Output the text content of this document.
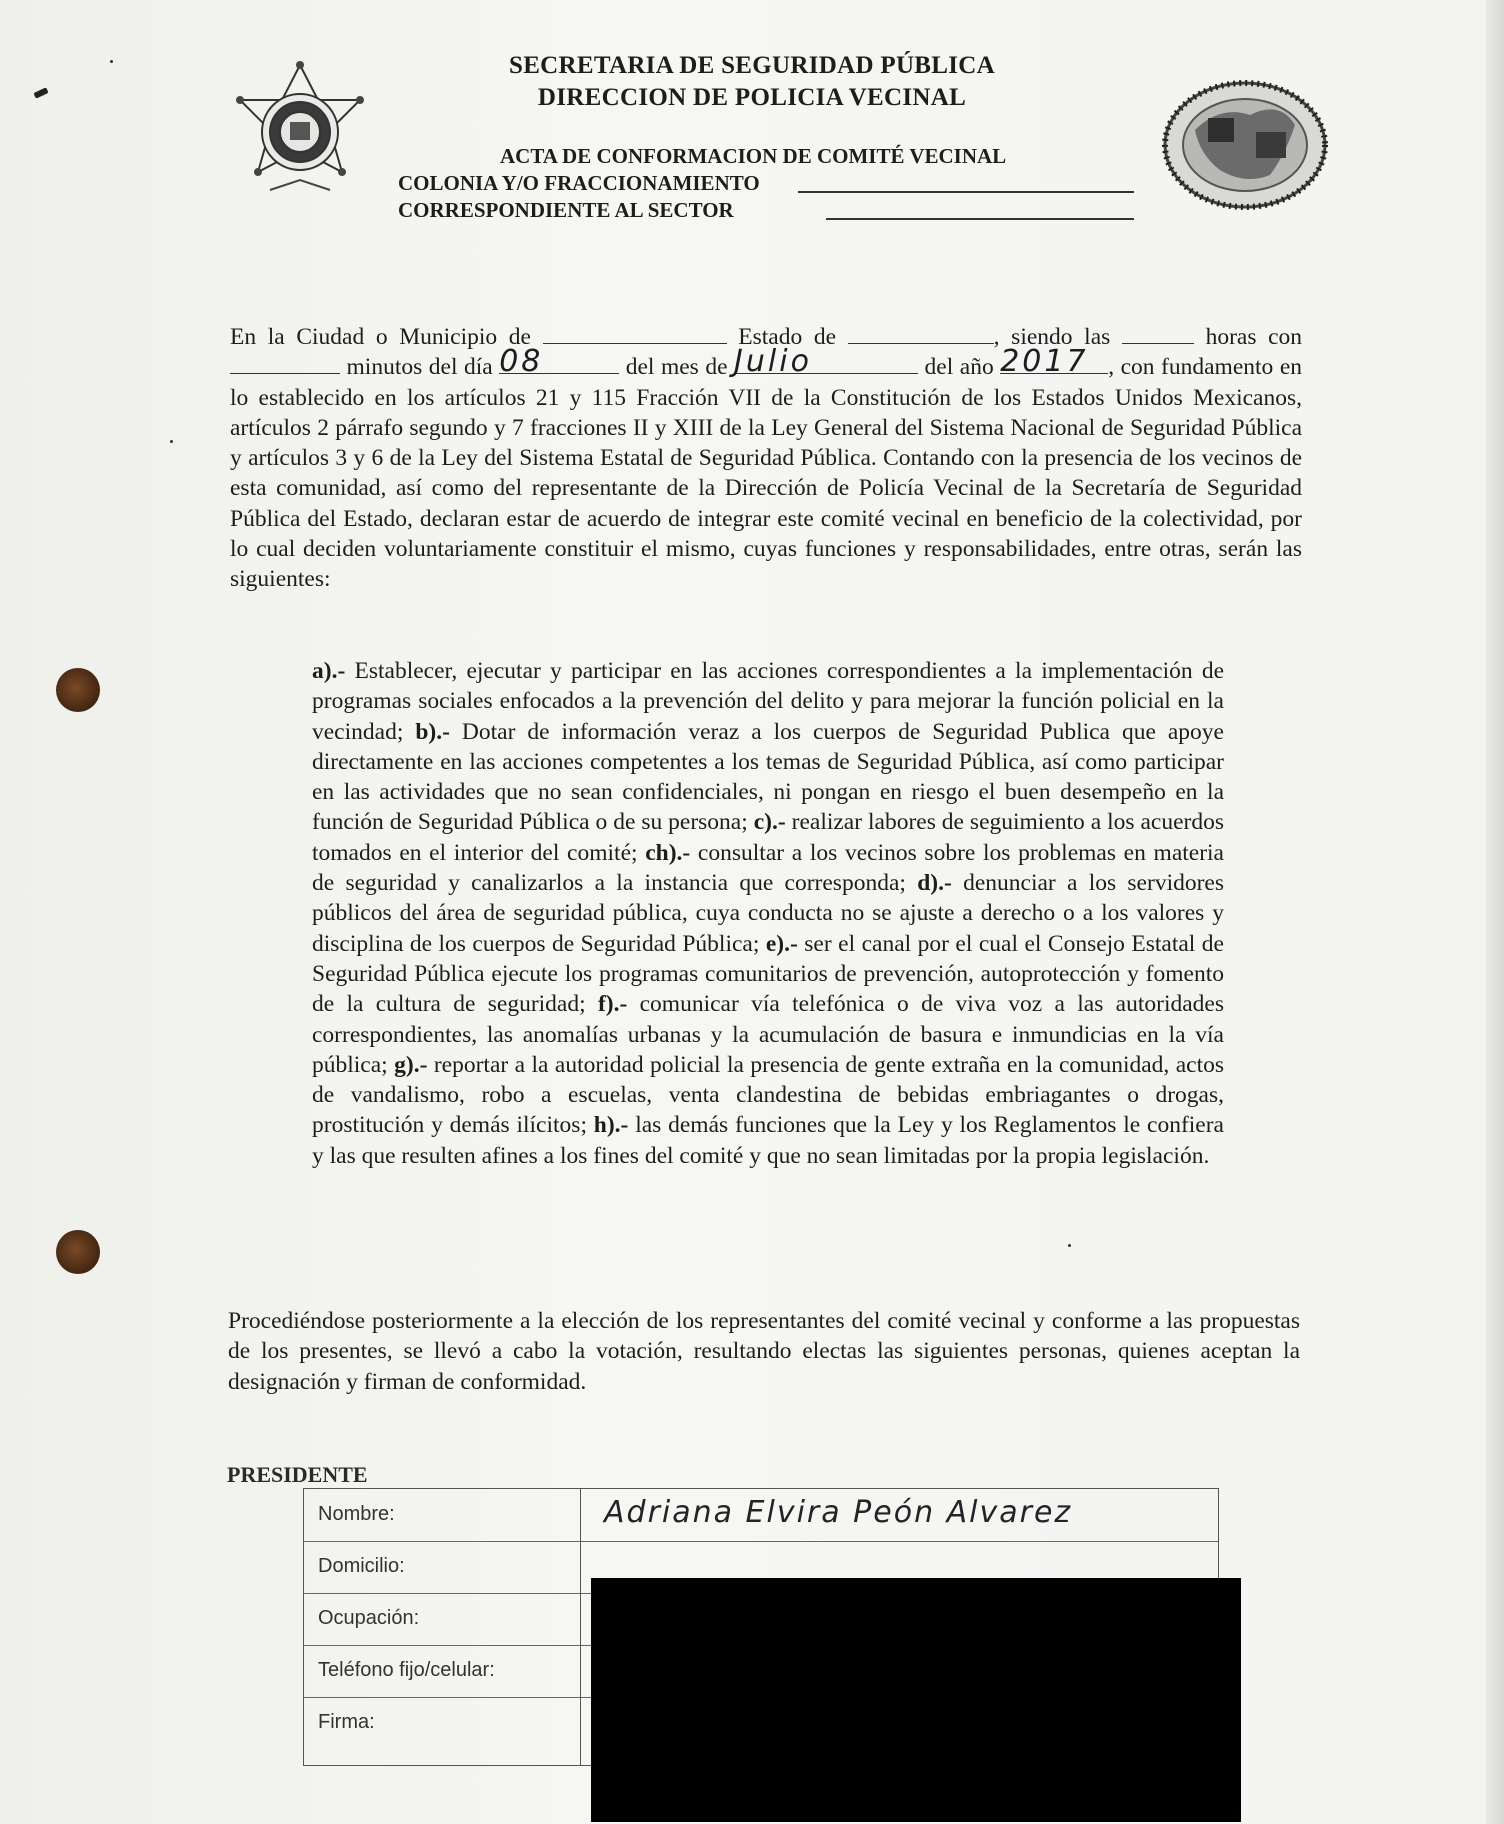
SECRETARIA DE SEGURIDAD PÚBLICA
DIRECCION DE POLICIA VECINAL
ACTA DE CONFORMACION DE COMITÉ VECINAL
COLONIA Y/O FRACCIONAMIENTO
CORRESPONDIENTE AL SECTOR
En la Ciudad o Municipio de	Estado de	, siendo las	horas con  minutos del día 08	del mes de Julio	del año 2017 , con fundamento en lo establecido en los artículos 21 y 115 Fracción VII de la Constitución de los Estados Unidos Mexicanos, artículos 2 párrafo segundo y 7 fracciones II y XIII de la Ley General del Sistema Nacional de Seguridad Pública y artículos 3 y 6 de la Ley del Sistema Estatal de Seguridad Pública. Contando con la presencia de los vecinos de esta comunidad, así como del representante de la Dirección de Policía Vecinal de la Secretaría de Seguridad Pública del Estado, declaran estar de acuerdo de integrar este comité vecinal en beneficio de la colectividad, por lo cual deciden voluntariamente constituir el mismo, cuyas funciones y responsabilidades, entre otras, serán las siguientes:
a).- Establecer, ejecutar y participar en las acciones correspondientes a la implementación de programas sociales enfocados a la prevención del delito y para mejorar la función policial en la vecindad; b).- Dotar de información veraz a los cuerpos de Seguridad Publica que apoye directamente en las acciones competentes a los temas de Seguridad Pública, así como participar en las actividades que no sean confidenciales, ni pongan en riesgo el buen desempeño en la función de Seguridad Pública o de su persona; c).- realizar labores de seguimiento a los acuerdos tomados en el interior del comité; ch).- consultar a los vecinos sobre los problemas en materia de seguridad y canalizarlos a la instancia que corresponda; d).- denunciar a los servidores públicos del área de seguridad pública, cuya conducta no se ajuste a derecho o a los valores y disciplina de los cuerpos de Seguridad Pública; e).- ser el canal por el cual el Consejo Estatal de Seguridad Pública ejecute los programas comunitarios de prevención, autoprotección y fomento de la cultura de seguridad; f).- comunicar vía telefónica o de viva voz a las autoridades correspondientes, las anomalías urbanas y la acumulación de basura e inmundicias en la vía pública; g).- reportar a la autoridad policial la presencia de gente extraña en la comunidad, actos de vandalismo, robo a escuelas, venta clandestina de bebidas embriagantes o drogas, prostitución y demás ilícitos; h).- las demás funciones que la Ley y los Reglamentos le confiera y las que resulten afines a los fines del comité y que no sean limitadas por la propia legislación.
Procediéndose posteriormente a la elección de los representantes del comité vecinal y conforme a las propuestas de los presentes, se llevó a cabo la votación, resultando electas las siguientes personas, quienes aceptan la designación y firman de conformidad.
PRESIDENTE
Nombre:	Adriana Elvira Peón Alvarez
Domicilio:
Ocupación:
Teléfono fijo/celular:
Firma:
